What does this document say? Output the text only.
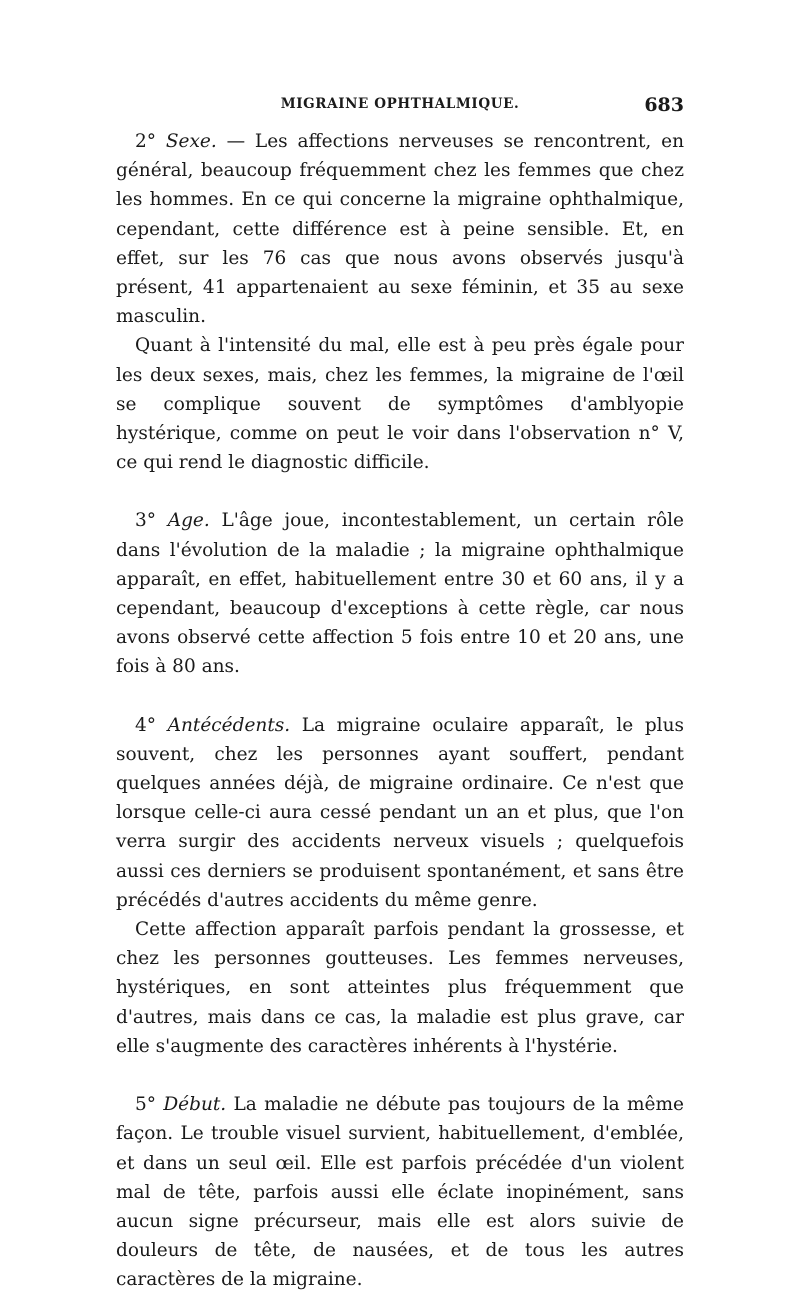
MIGRAINE OPHTHALMIQUE.	683

2° Sexe. — Les affections nerveuses se rencontrent, en général, beaucoup fréquemment chez les femmes que chez les hommes. En ce qui concerne la migraine ophthalmique, cependant, cette différence est à peine sensible. Et, en effet, sur les 76 cas que nous avons observés jusqu'à présent, 41 appartenaient au sexe féminin, et 35 au sexe masculin.

Quant à l'intensité du mal, elle est à peu près égale pour les deux sexes, mais, chez les femmes, la migraine de l'œil se complique souvent de symptômes d'amblyopie hystérique, comme on peut le voir dans l'observation n° V, ce qui rend le diagnostic difficile.

3° Age. L'âge joue, incontestablement, un certain rôle dans l'évolution de la maladie ; la migraine ophthalmique apparaît, en effet, habituellement entre 30 et 60 ans, il y a cependant, beaucoup d'exceptions à cette règle, car nous avons observé cette affection 5 fois entre 10 et 20 ans, une fois à 80 ans.

4° Antécédents. La migraine oculaire apparaît, le plus souvent, chez les personnes ayant souffert, pendant quelques années déjà, de migraine ordinaire. Ce n'est que lorsque celle-ci aura cessé pendant un an et plus, que l'on verra surgir des accidents nerveux visuels ; quelquefois aussi ces derniers se produisent spontanément, et sans être précédés d'autres accidents du même genre.

Cette affection apparaît parfois pendant la grossesse, et chez les personnes goutteuses. Les femmes nerveuses, hystériques, en sont atteintes plus fréquemment que d'autres, mais dans ce cas, la maladie est plus grave, car elle s'augmente des caractères inhérents à l'hystérie.

5° Début. La maladie ne débute pas toujours de la même façon. Le trouble visuel survient, habituellement, d'emblée, et dans un seul œil. Elle est parfois précédée d'un violent mal de tête, parfois aussi elle éclate inopinément, sans aucun signe précurseur, mais elle est alors suivie de douleurs de tête, de nausées, et de tous les autres caractères de la migraine.
